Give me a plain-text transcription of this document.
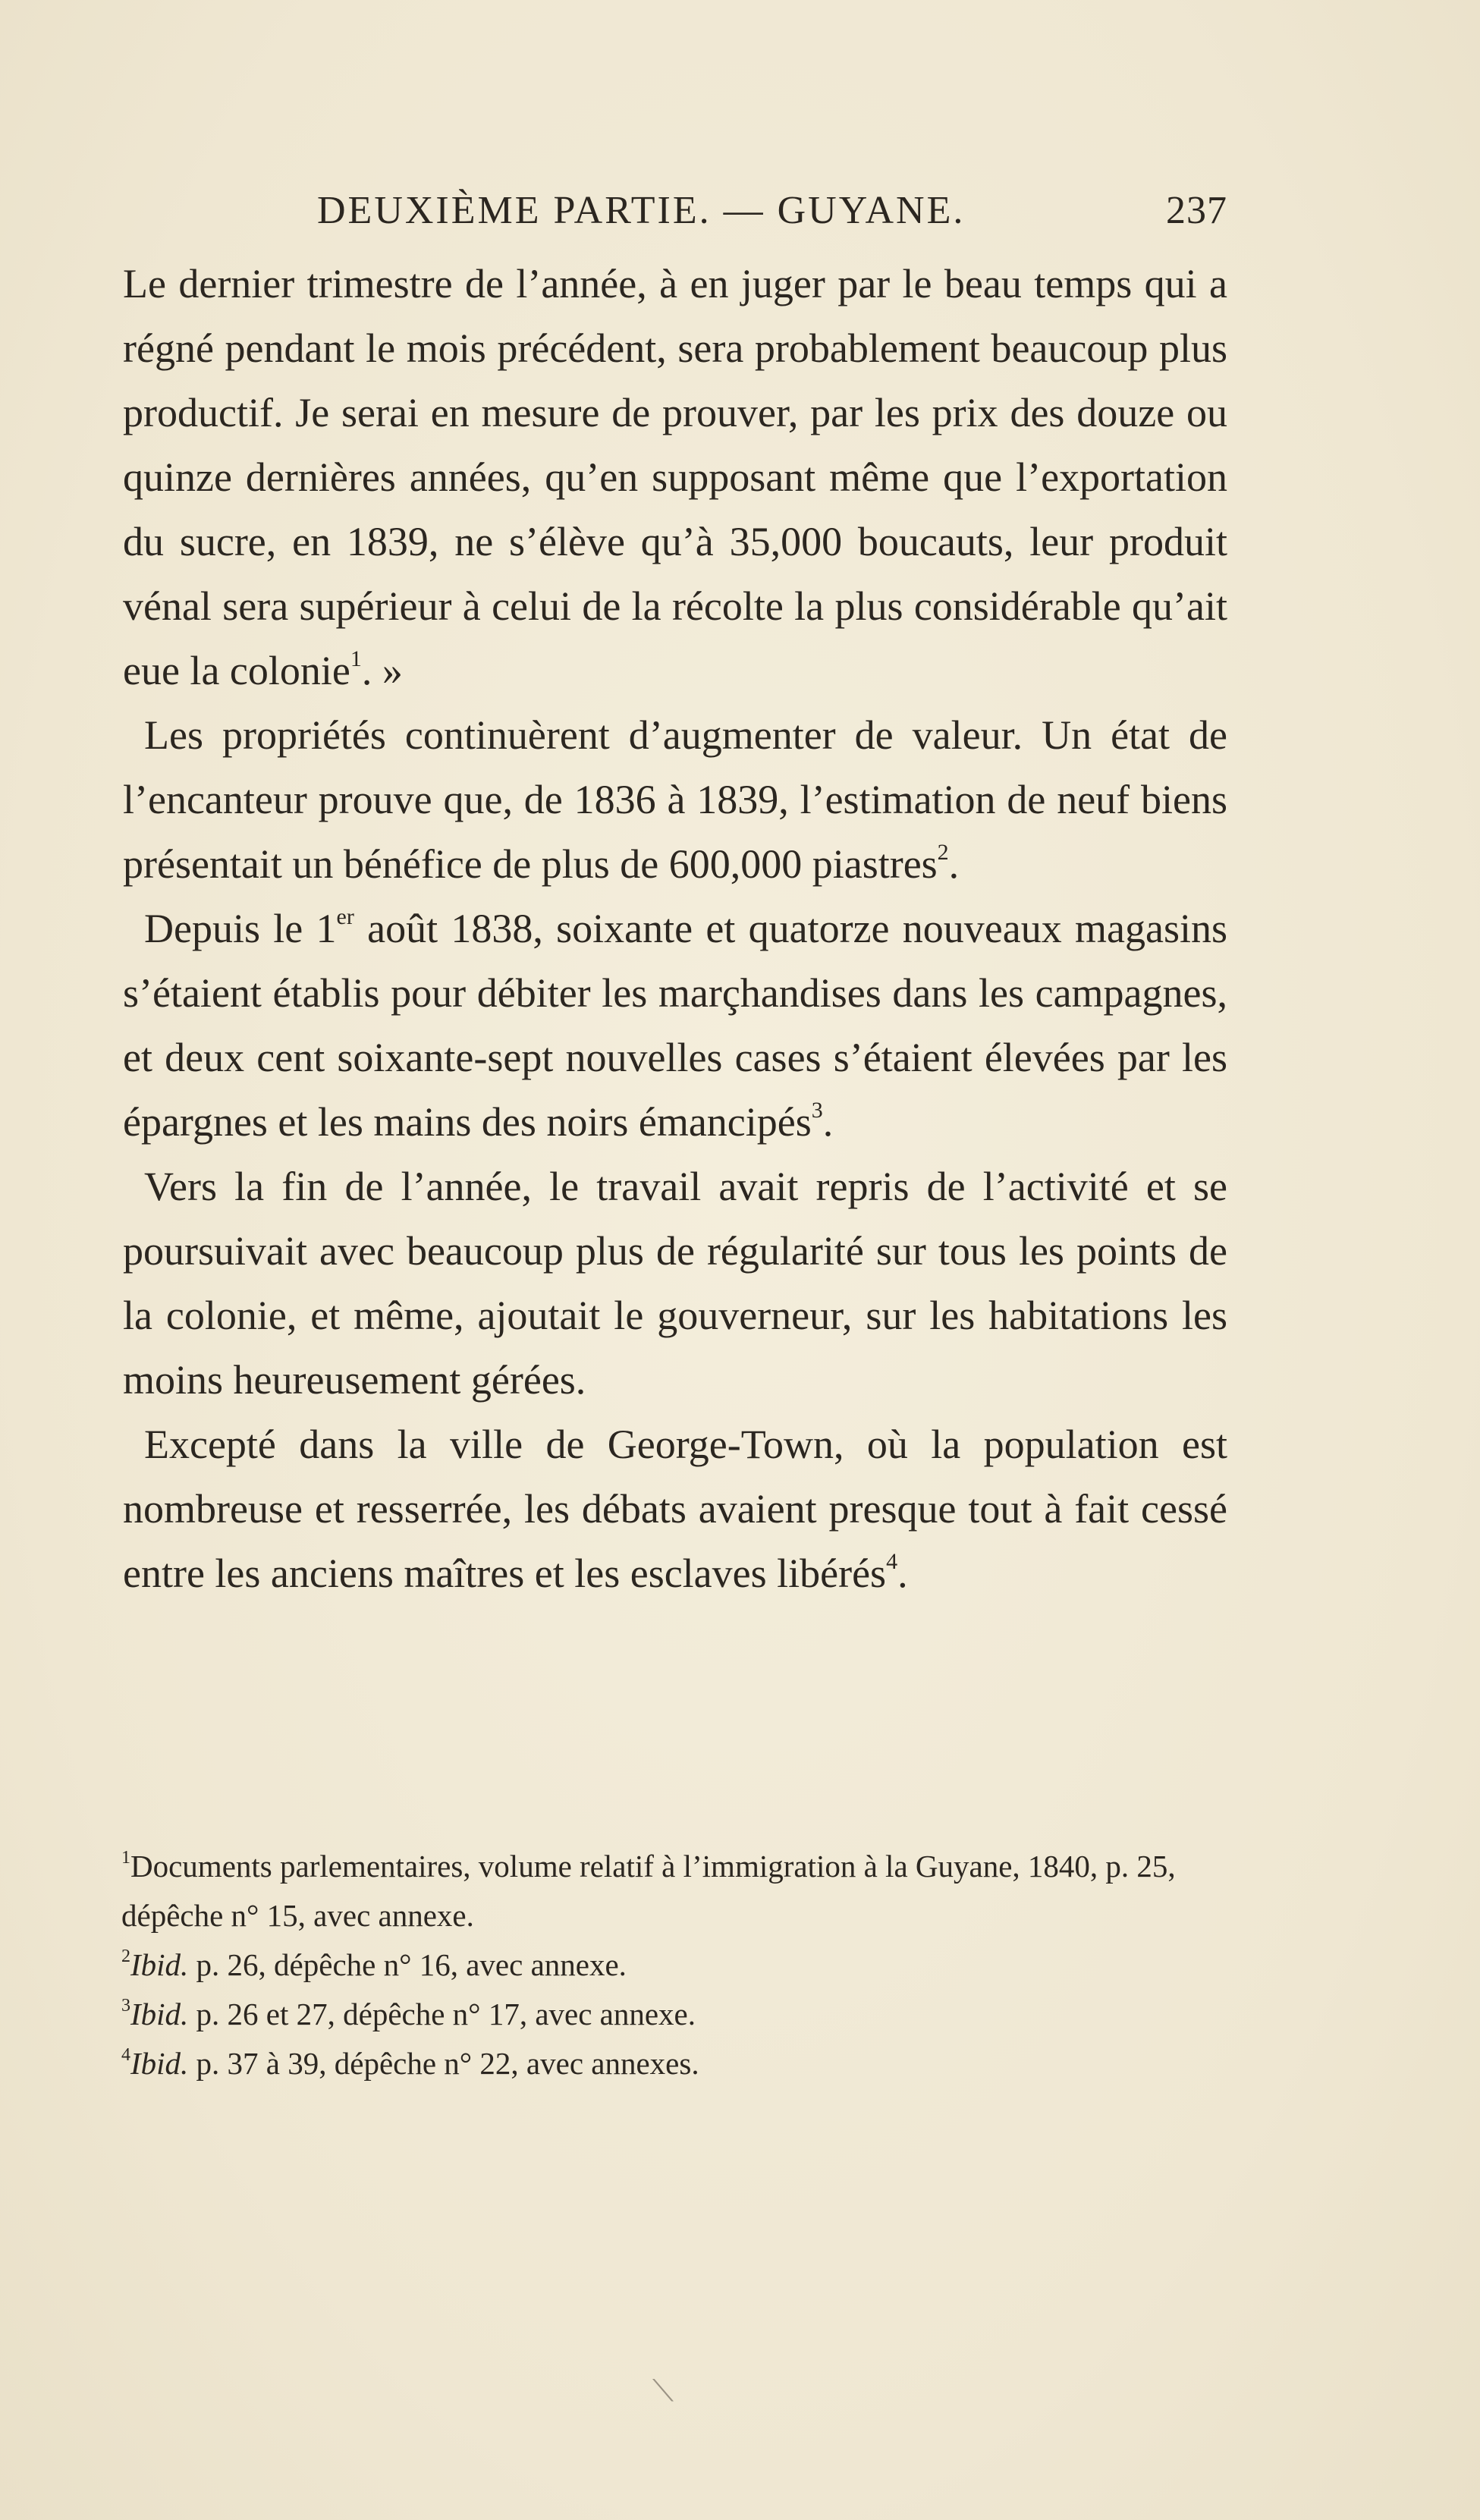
DEUXIÈME PARTIE. — GUYANE.	237

Le dernier trimestre de l’année, à en juger par le beau temps qui a régné pendant le mois précédent, sera probablement beaucoup plus productif. Je serai en mesure de prouver, par les prix des douze ou quinze dernières années, qu’en supposant même que l’exportation du sucre, en 1839, ne s’élève qu’à 35,000 boucauts, leur produit vénal sera supérieur à celui de la récolte la plus considérable qu’ait eue la colonie$^1$. »

Les propriétés continuèrent d’augmenter de valeur. Un état de l’encanteur prouve que, de 1836 à 1839, l’estimation de neuf biens présentait un bénéfice de plus de 600,000 piastres$^2$.

Depuis le 1er août 1838, soixante et quatorze nouveaux magasins s’étaient établis pour débiter les marçhandises dans les campagnes, et deux cent soixante-sept nouvelles cases s’étaient élevées par les épargnes et les mains des noirs émancipés$^3$.

Vers la fin de l’année, le travail avait repris de l’activité et se poursuivait avec beaucoup plus de régularité sur tous les points de la colonie, et même, ajoutait le gouverneur, sur les habitations les moins heureusement gérées.

Excepté dans la ville de George-Town, où la population est nombreuse et resserrée, les débats avaient presque tout à fait cessé entre les anciens maîtres et les esclaves libérés$^4$.

$^1$Documents parlementaires, volume relatif à l’immigration à la Guyane, 1840, p. 25, dépêche n° 15, avec annexe.

$^2$Ibid. p. 26, dépêche n° 16, avec annexe.

$^3$Ibid. p. 26 et 27, dépêche n° 17, avec annexe.

$^4$Ibid. p. 37 à 39, dépêche n° 22, avec annexes.

⟍
